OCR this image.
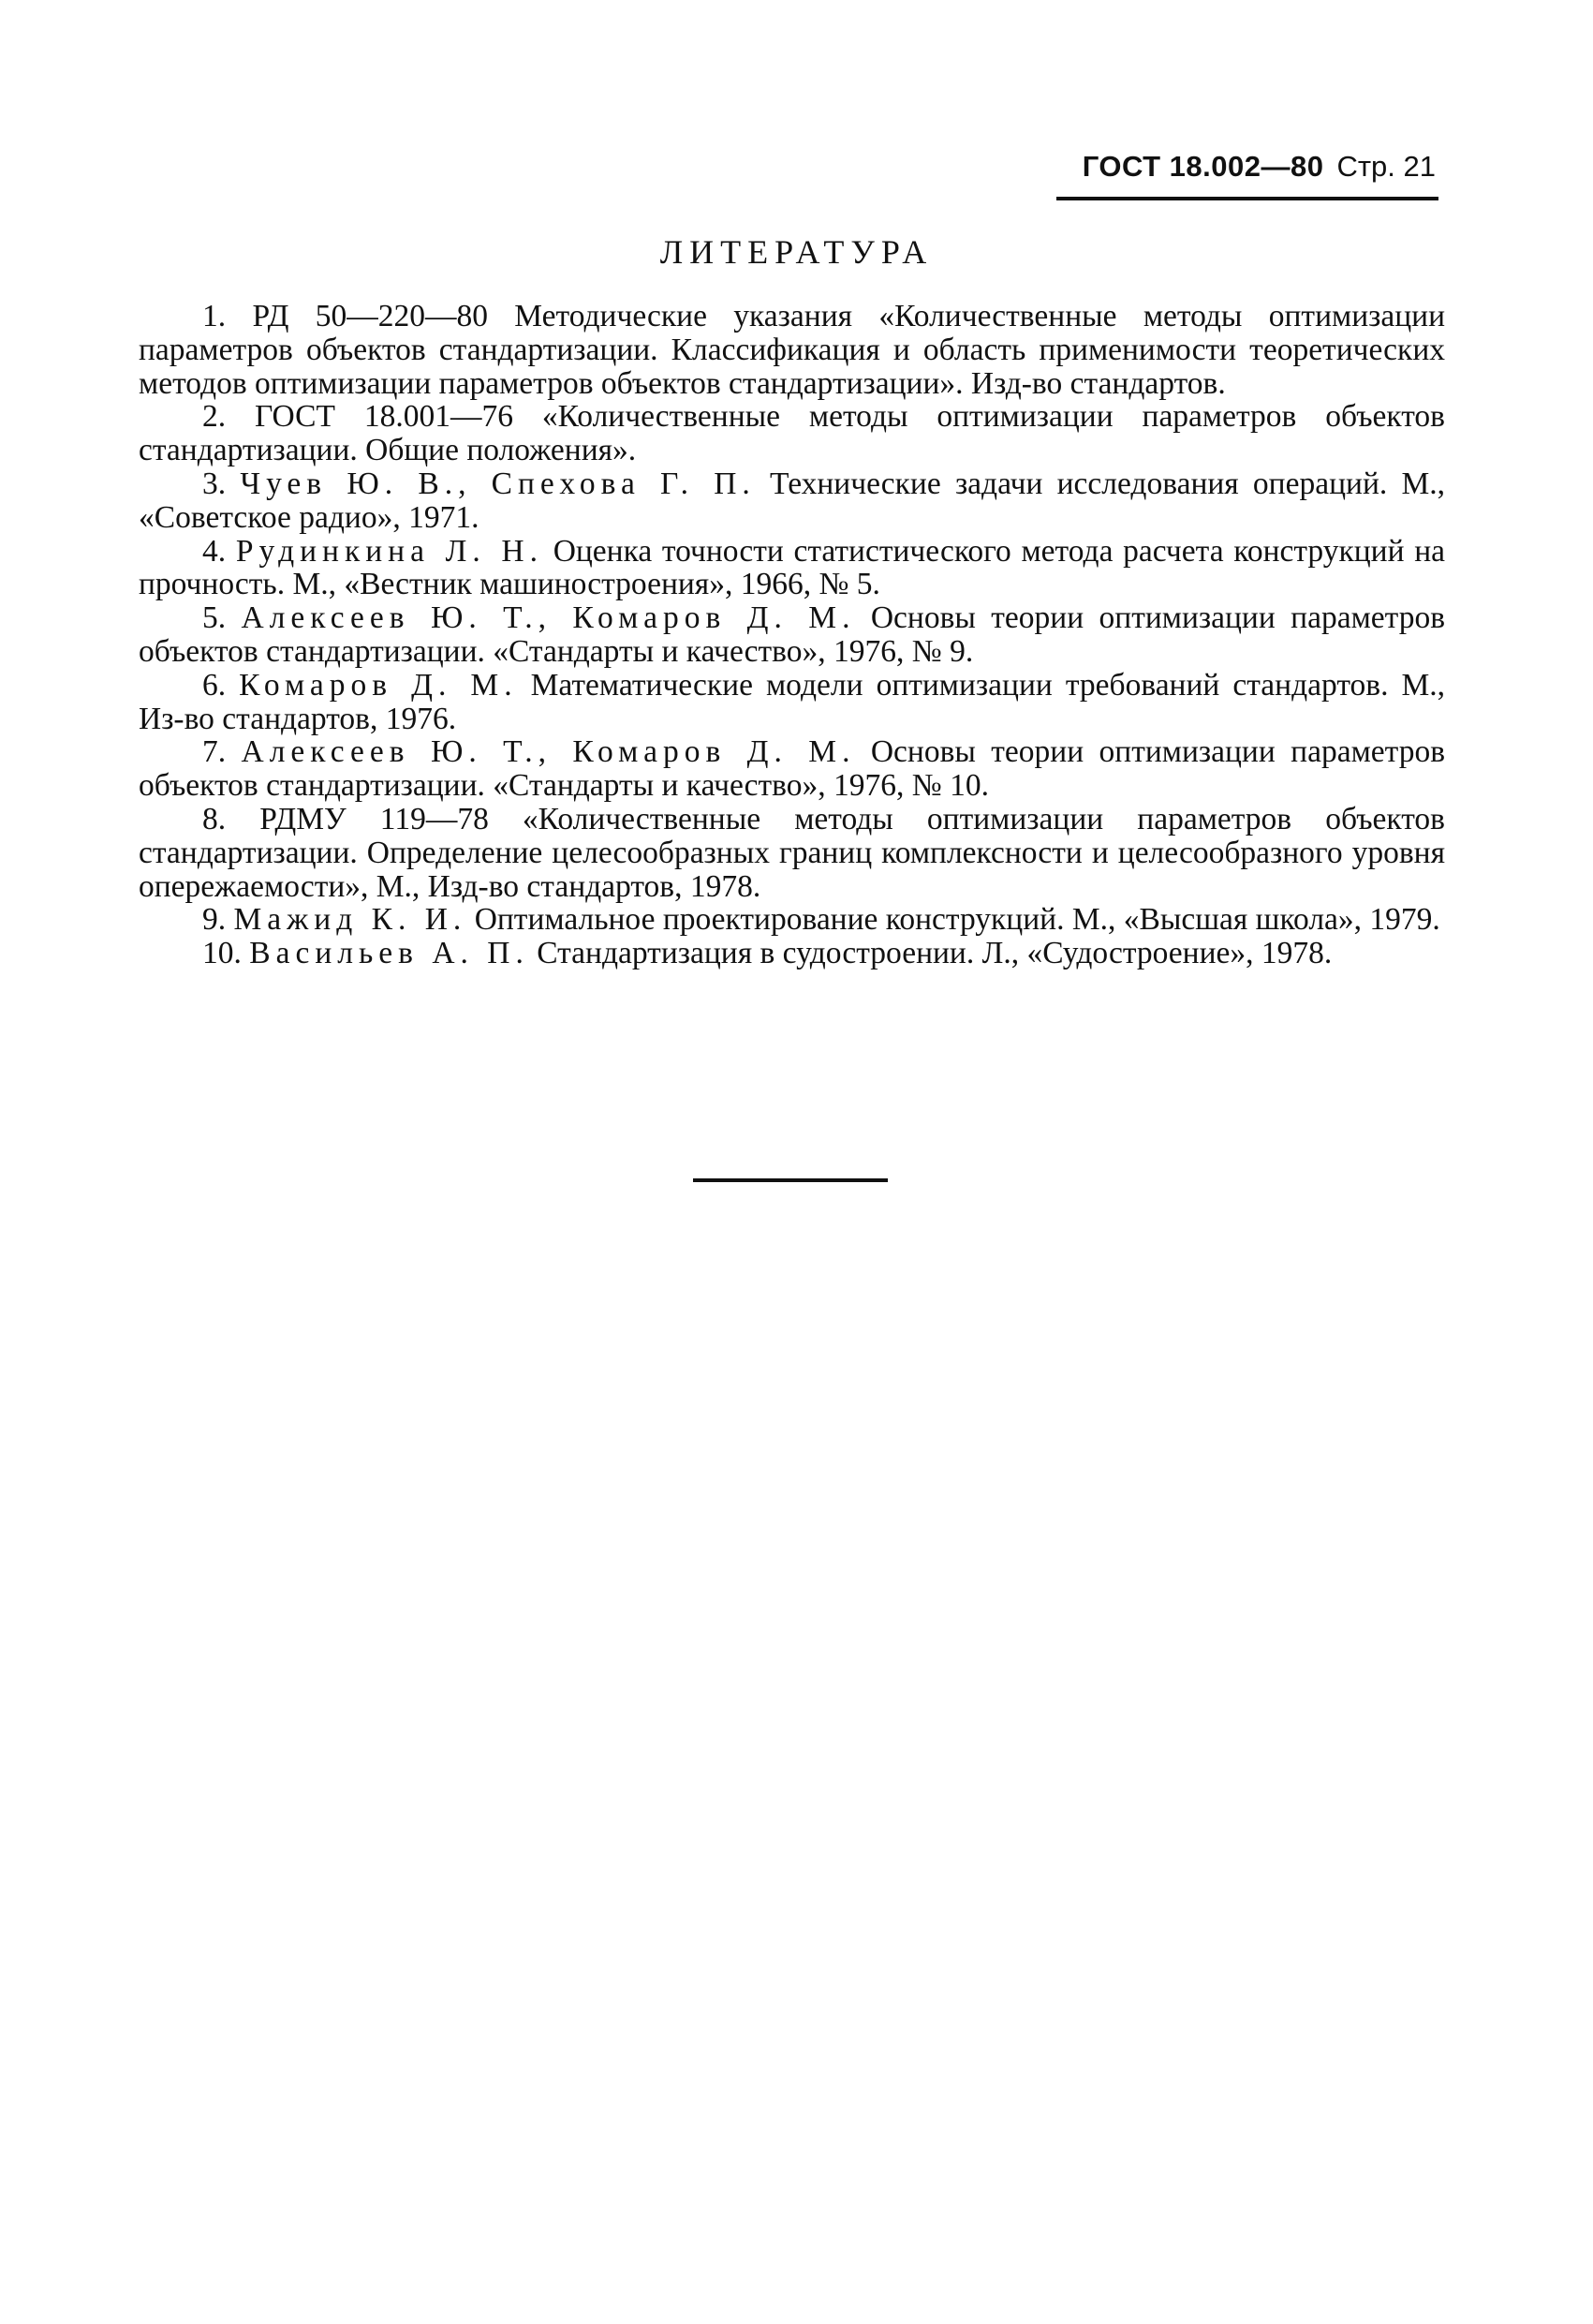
ГОСТ 18.002—80 Стр. 21
ЛИТЕРАТУРА

1. РД 50—220—80 Методические указания «Количественные методы оптимизации параметров объектов стандартизации. Классификация и область применимости теоретических методов оптимизации параметров объектов стандартизации». Изд-во стандартов.

2. ГОСТ 18.001—76 «Количественные методы оптимизации параметров объектов стандартизации. Общие положения».

3. Чуев Ю. В., Спехова Г. П. Технические задачи исследования операций. М., «Советское радио», 1971.

4. Рудинкина Л. Н. Оценка точности статистического метода расчета конструкций на прочность. М., «Вестник машиностроения», 1966, № 5.

5. Алексеев Ю. Т., Комаров Д. М. Основы теории оптимизации параметров объектов стандартизации. «Стандарты и качество», 1976, № 9.

6. Комаров Д. М. Математические модели оптимизации требований стандартов. М., Из-во стандартов, 1976.

7. Алексеев Ю. Т., Комаров Д. М. Основы теории оптимизации параметров объектов стандартизации. «Стандарты и качество», 1976, № 10.

8. РДМУ 119—78 «Количественные методы оптимизации параметров объектов стандартизации. Определение целесообразных границ комплексности и целесообразного уровня опережаемости», М., Изд-во стандартов, 1978.

9. Мажид К. И. Оптимальное проектирование конструкций. М., «Высшая школа», 1979.

10. Васильев А. П. Стандартизация в судостроении. Л., «Судостроение», 1978.
